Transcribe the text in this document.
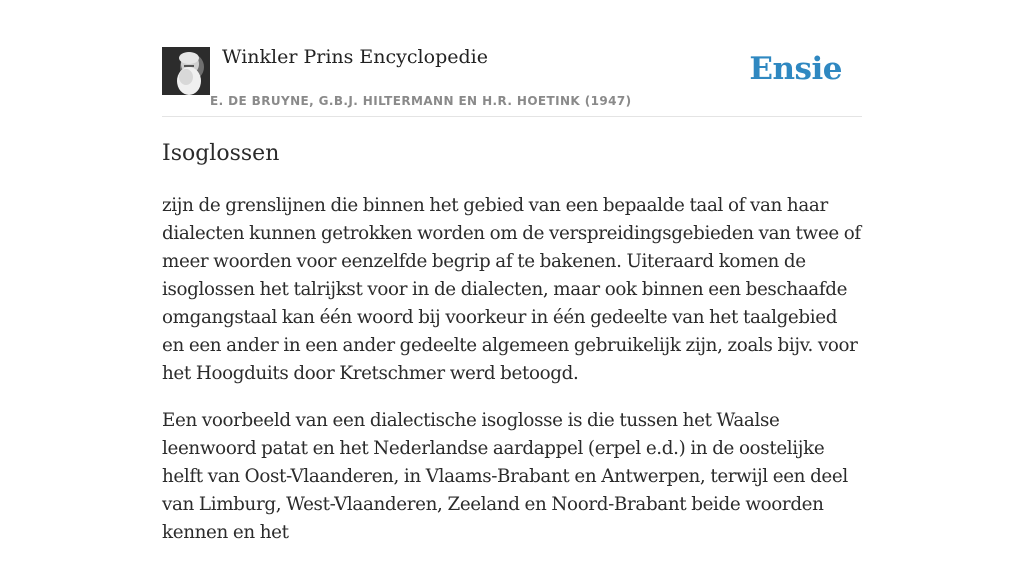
Winkler Prins Encyclopedie
E. DE BRUYNE, G.B.J. HILTERMANN EN H.R. HOETINK (1947)
Ensie
Isoglossen

zijn de grenslijnen die binnen het gebied van een bepaalde taal of van haar dialecten kunnen getrokken worden om de verspreidingsgebieden van twee of meer woorden voor eenzelfde begrip af te bakenen. Uiteraard komen de isoglossen het talrijkst voor in de dialecten, maar ook binnen een beschaafde omgangstaal kan één woord bij voorkeur in één gedeelte van het taalgebied en een ander in een ander gedeelte algemeen gebruikelijk zijn, zoals bijv. voor het Hoogduits door Kretschmer werd betoogd.

Een voorbeeld van een dialectische isoglosse is die tussen het Waalse leenwoord patat en het Nederlandse aardappel (erpel e.d.) in de oostelijke helft van Oost-Vlaanderen, in Vlaams-Brabant en Antwerpen, terwijl een deel van Limburg, West-Vlaanderen, Zeeland en Noord-Brabant beide woorden kennen en het
